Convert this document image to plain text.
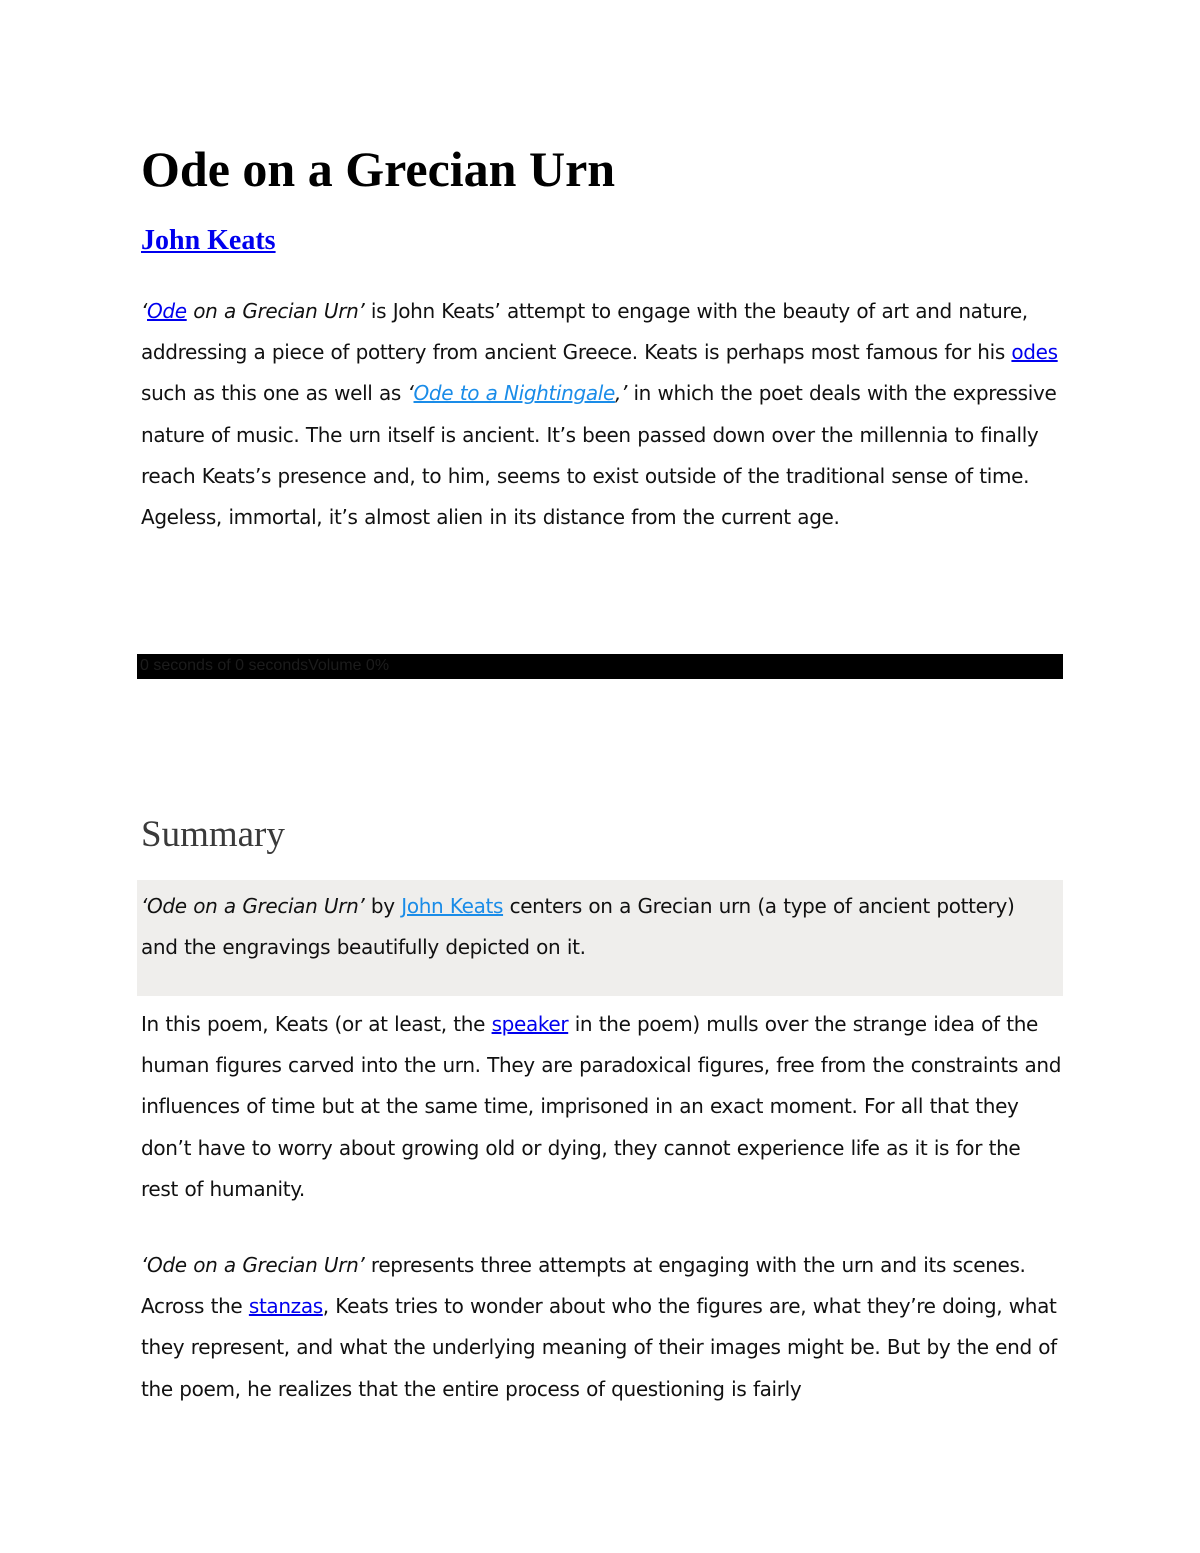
Ode on a Grecian Urn
John Keats

‘Ode on a Grecian Urn’ is John Keats’ attempt to engage with the beauty of art and nature, addressing a piece of pottery from ancient Greece. Keats is perhaps most famous for his odes such as this one as well as ‘Ode to a Nightingale,’ in which the poet deals with the expressive nature of music. The urn itself is ancient. It’s been passed down over the millennia to finally reach Keats’s presence and, to him, seems to exist outside of the traditional sense of time. Ageless, immortal, it’s almost alien in its distance from the current age.

Summary

In this poem, Keats (or at least, the speaker in the poem) mulls over the strange idea of the human figures carved into the urn. They are paradoxical figures, free from the constraints and influences of time but at the same time, imprisoned in an exact moment. For all that they don’t have to worry about growing old or dying, they cannot experience life as it is for the rest of humanity.

‘Ode on a Grecian Urn’ represents three attempts at engaging with the urn and its scenes. Across the stanzas, Keats tries to wonder about who the figures are, what they’re doing, what they represent, and what the underlying meaning of their images might be. But by the end of the poem, he realizes that the entire process of questioning is fairly

0 seconds of 0 secondsVolume 0%

‘Ode on a Grecian Urn’ by John Keats centers on a Grecian urn (a type of ancient pottery) and the engravings beautifully depicted on it.
